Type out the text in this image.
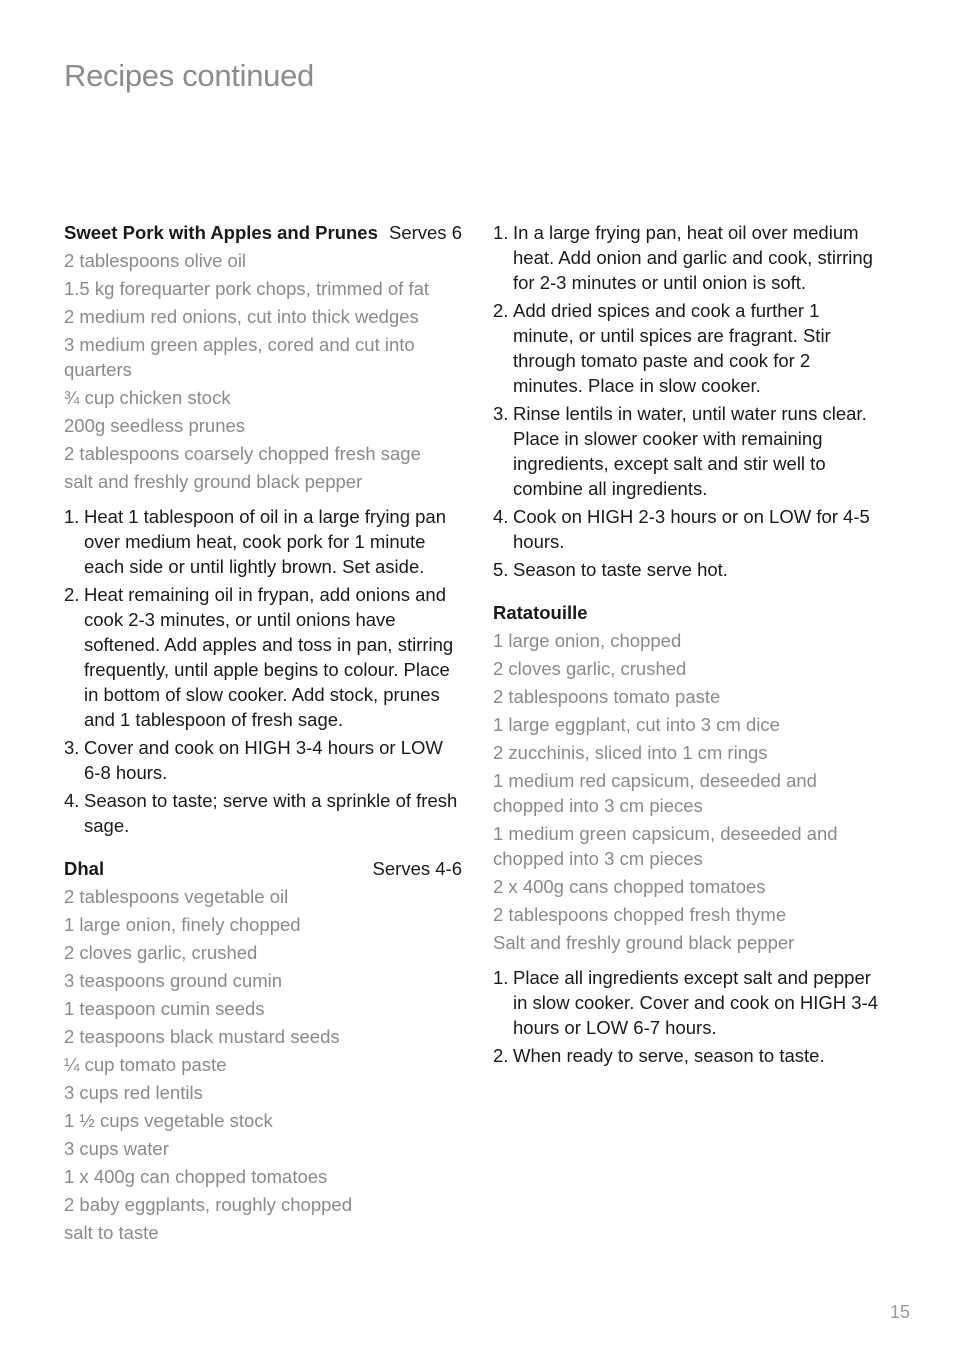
Recipes continued
Sweet Pork with Apples and Prunes Serves 6
2 tablespoons olive oil
1.5 kg forequarter pork chops, trimmed of fat
2 medium red onions, cut into thick wedges
3 medium green apples, cored and cut into quarters
¾ cup chicken stock
200g seedless prunes
2 tablespoons coarsely chopped fresh sage
salt and freshly ground black pepper
1. Heat 1 tablespoon of oil in a large frying pan over medium heat, cook pork for 1 minute each side or until lightly brown. Set aside.
2. Heat remaining oil in frypan, add onions and cook 2-3 minutes, or until onions have softened. Add apples and toss in pan, stirring frequently, until apple begins to colour. Place in bottom of slow cooker. Add stock, prunes and 1 tablespoon of fresh sage.
3. Cover and cook on HIGH 3-4 hours or LOW 6-8 hours.
4. Season to taste; serve with a sprinkle of fresh sage.
Dhal	Serves 4-6
2 tablespoons vegetable oil
1 large onion, finely chopped
2 cloves garlic, crushed
3 teaspoons ground cumin
1 teaspoon cumin seeds
2 teaspoons black mustard seeds
¼ cup tomato paste
3 cups red lentils
1 ½ cups vegetable stock
3 cups water
1 x 400g can chopped tomatoes
2 baby eggplants, roughly chopped
salt to taste
1. In a large frying pan, heat oil over medium heat. Add onion and garlic and cook, stirring for 2-3 minutes or until onion is soft.
2. Add dried spices and cook a further 1 minute, or until spices are fragrant. Stir through tomato paste and cook for 2 minutes. Place in slow cooker.
3. Rinse lentils in water, until water runs clear. Place in slower cooker with remaining ingredients, except salt and stir well to combine all ingredients.
4. Cook on HIGH 2-3 hours or on LOW for 4-5 hours.
5. Season to taste serve hot.
Ratatouille
1 large onion, chopped
2 cloves garlic, crushed
2 tablespoons tomato paste
1 large eggplant, cut into 3 cm dice
2 zucchinis, sliced into 1 cm rings
1 medium red capsicum, deseeded and chopped into 3 cm pieces
1 medium green capsicum, deseeded and chopped into 3 cm pieces
2 x 400g cans chopped tomatoes
2 tablespoons chopped fresh thyme
Salt and freshly ground black pepper
1. Place all ingredients except salt and pepper in slow cooker. Cover and cook on HIGH 3-4 hours or LOW 6-7 hours.
2. When ready to serve, season to taste.
15
